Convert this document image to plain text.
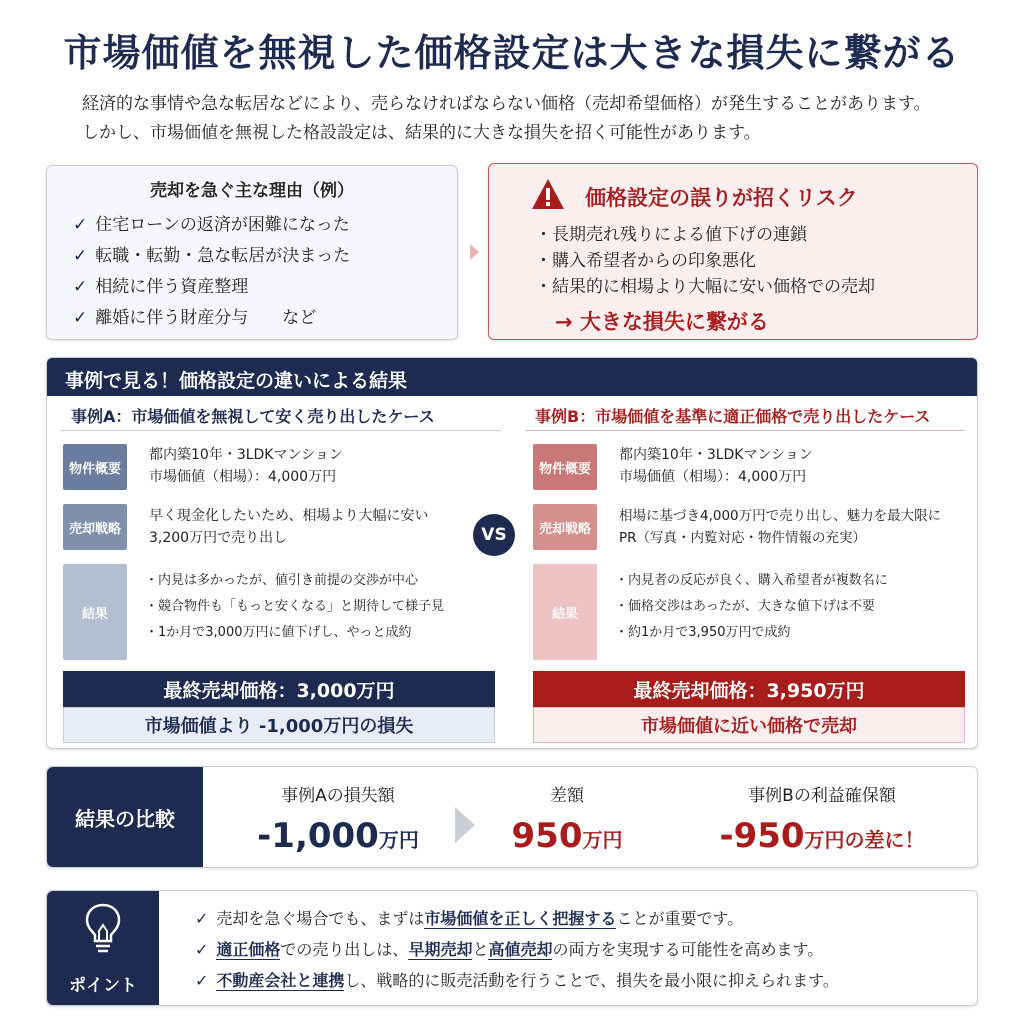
市場価値を無視した価格設定は大きな損失に繋がる
経済的な事情や急な転居などにより、売らなければならない価格（売却希望価格）が発生することがあります。
しかし、市場価値を無視した格設設定は、結果的に大きな損失を招く可能性があります。
売却を急ぐ主な理由（例）
✓ 住宅ローンの返済が困難になった
✓ 転職・転勤・急な転居が決まった
✓ 相続に伴う資産整理
✓ 離婚に伴う財産分与　　など
価格設定の誤りが招くリスク
・長期売れ残りによる値下げの連鎖
・購入希望者からの印象悪化
・結果的に相場より大幅に安い価格での売却
→ 大きな損失に繋がる
事例で見る！価格設定の違いによる結果
事例A：市場価値を無視して安く売り出したケース	事例B：市場価値を基準に適正価格で売り出したケース
物件概要
都内築10年・3LDKマンション
市場価値（相場）：4,000万円
売却戦略
早く現金化したいため、相場より大幅に安い
3,200万円で売り出し
結果
・内見は多かったが、値引き前提の交渉が中心
・競合物件も「もっと安くなる」と期待して様子見
・1か月で3,000万円に値下げし、やっと成約
物件概要
都内築10年・3LDKマンション
市場価値（相場）：4,000万円
売却戦略
相場に基づき4,000万円で売り出し、魅力を最大限に
PR（写真・内覧対応・物件情報の充実）
結果
・内見者の反応が良く、購入希望者が複数名に
・価格交渉はあったが、大きな値下げは不要
・約1か月で3,950万円で成約
最終売却価格：3,000万円	最終売却価格：3,950万円
市場価値より -1,000万円の損失	市場価値に近い価格で売却
VS
結果の比較
事例Aの損失額
-1,000万円
差額
950万円
事例Bの利益確保額
-950万円の差に！
ポイント
✓ 売却を急ぐ場合でも、まずは市場価値を正しく把握することが重要です。
✓ 適正価格での売り出しは、早期売却と高値売却の両方を実現する可能性を高めます。
✓ 不動産会社と連携し、戦略的に販売活動を行うことで、損失を最小限に抑えられます。
